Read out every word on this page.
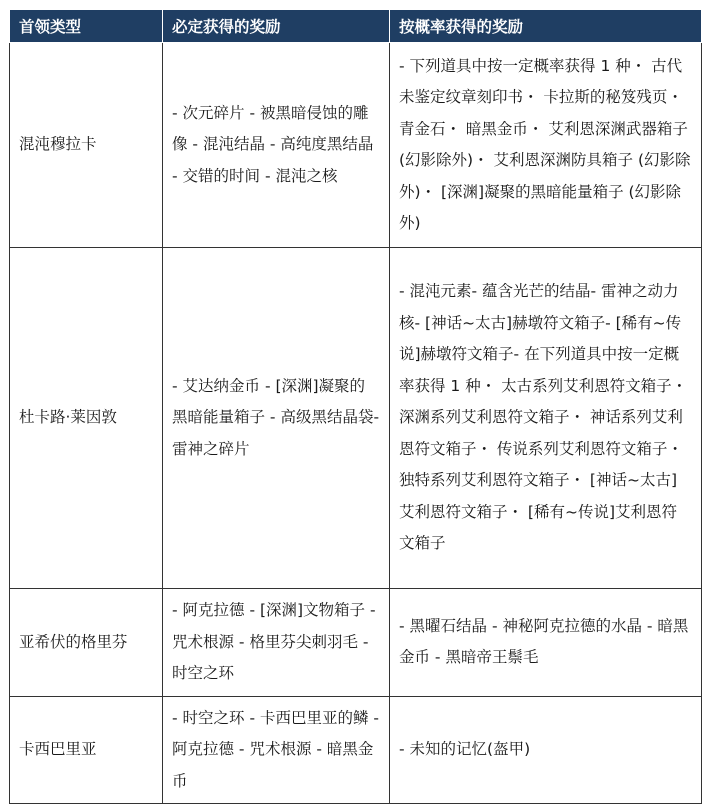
首领类型	必定获得的奖励	按概率获得的奖励
混沌穆拉卡	- 次元碎片 - 被黑暗侵蚀的雕像 - 混沌结晶 - 高纯度黑结晶 - 交错的时间 - 混沌之核	- 下列道具中按一定概率获得 1 种・ 古代未鉴定纹章刻印书・ 卡拉斯的秘笈残页・ 青金石・ 暗黑金币・ 艾利恩深渊武器箱子 (幻影除外)・ 艾利恩深渊防具箱子 (幻影除外)・ [深渊]凝聚的黑暗能量箱子 (幻影除外)
杜卡路·莱因敦	- 艾达纳金币 - [深渊]凝聚的黑暗能量箱子 - 高级黑结晶袋- 雷神之碎片	- 混沌元素- 蕴含光芒的结晶- 雷神之动力核- [神话~太古]赫墩符文箱子- [稀有~传说]赫墩符文箱子- 在下列道具中按一定概率获得 1 种・ 太古系列艾利恩符文箱子・ 深渊系列艾利恩符文箱子・ 神话系列艾利恩符文箱子・ 传说系列艾利恩符文箱子・ 独特系列艾利恩符文箱子・ [神话~太古]艾利恩符文箱子・ [稀有~传说]艾利恩符文箱子
亚希伏的格里芬	- 阿克拉德 - [深渊]文物箱子 - 咒术根源 - 格里芬尖刺羽毛 - 时空之环	- 黑曜石结晶 - 神秘阿克拉德的水晶 - 暗黑金币 - 黑暗帝王鬃毛
卡西巴里亚	- 时空之环 - 卡西巴里亚的鳞 - 阿克拉德 - 咒术根源 - 暗黑金币	- 未知的记忆(盔甲)
